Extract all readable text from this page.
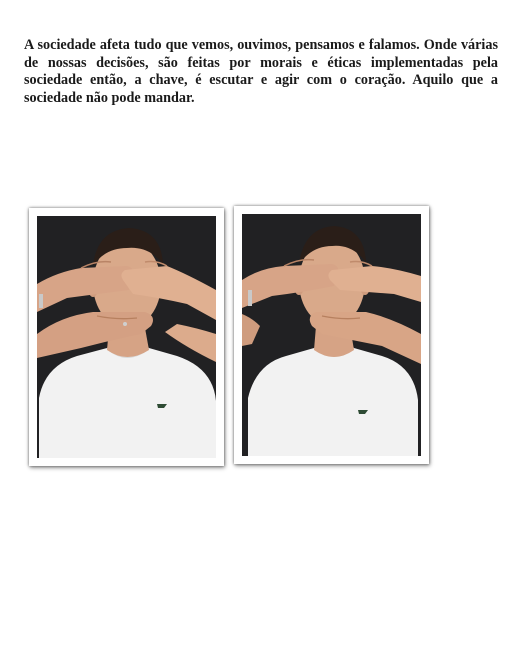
A sociedade afeta tudo que vemos, ouvimos, pensamos e falamos. Onde várias de nossas decisões, são feitas por morais e éticas implementadas pela sociedade então, a chave, é escutar e agir com o coração. Aquilo que a sociedade não pode mandar.
